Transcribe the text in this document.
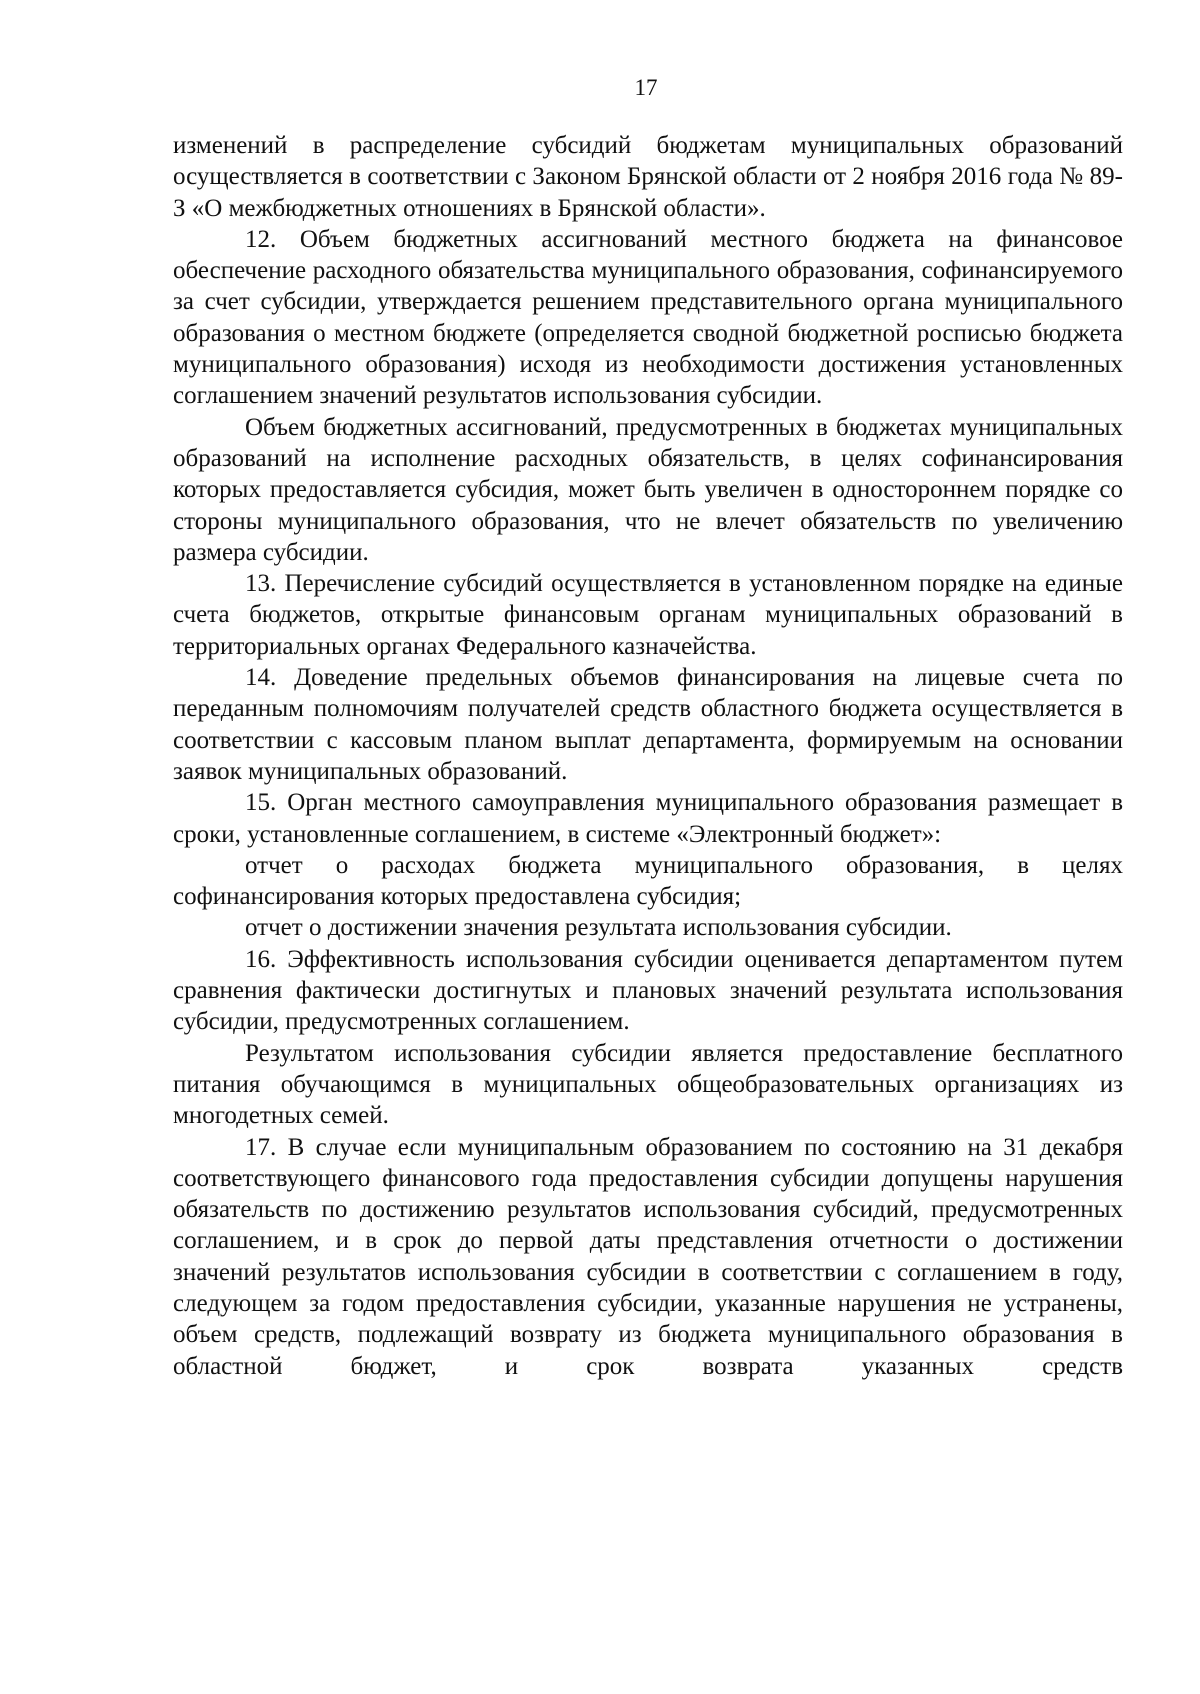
17

изменений в распределение субсидий бюджетам муниципальных образований осуществляется в соответствии с Законом Брянской области от 2 ноября 2016 года № 89-З «О межбюджетных отношениях в Брянской области».

12. Объем бюджетных ассигнований местного бюджета на финансовое обеспечение расходного обязательства муниципального образования, софинансируемого за счет субсидии, утверждается решением представительного органа муниципального образования о местном бюджете (определяется сводной бюджетной росписью бюджета муниципального образования) исходя из необходимости достижения установленных соглашением значений результатов использования субсидии.

Объем бюджетных ассигнований, предусмотренных в бюджетах муниципальных образований на исполнение расходных обязательств, в целях софинансирования которых предоставляется субсидия, может быть увеличен в одностороннем порядке со стороны муниципального образования, что не влечет обязательств по увеличению размера субсидии.

13. Перечисление субсидий осуществляется в установленном порядке на единые счета бюджетов, открытые финансовым органам муниципальных образований в территориальных органах Федерального казначейства.

14. Доведение предельных объемов финансирования на лицевые счета по переданным полномочиям получателей средств областного бюджета осуществляется в соответствии с кассовым планом выплат департамента, формируемым на основании заявок муниципальных образований.

15. Орган местного самоуправления муниципального образования размещает в сроки, установленные соглашением, в системе «Электронный бюджет»:

отчет о расходах бюджета муниципального образования, в целях софинансирования которых предоставлена субсидия;

отчет о достижении значения результата использования субсидии.

16. Эффективность использования субсидии оценивается департаментом путем сравнения фактически достигнутых и плановых значений результата использования субсидии, предусмотренных соглашением.

Результатом использования субсидии является предоставление бесплатного питания обучающимся в муниципальных общеобразовательных организациях из многодетных семей.

17. В случае если муниципальным образованием по состоянию на 31 декабря соответствующего финансового года предоставления субсидии допущены нарушения обязательств по достижению результатов использования субсидий, предусмотренных соглашением, и в срок до первой даты представления отчетности о достижении значений результатов использования субсидии в соответствии с соглашением в году, следующем за годом предоставления субсидии, указанные нарушения не устранены, объем средств, подлежащий возврату из бюджета муниципального образования в областной бюджет, и срок возврата указанных средств
